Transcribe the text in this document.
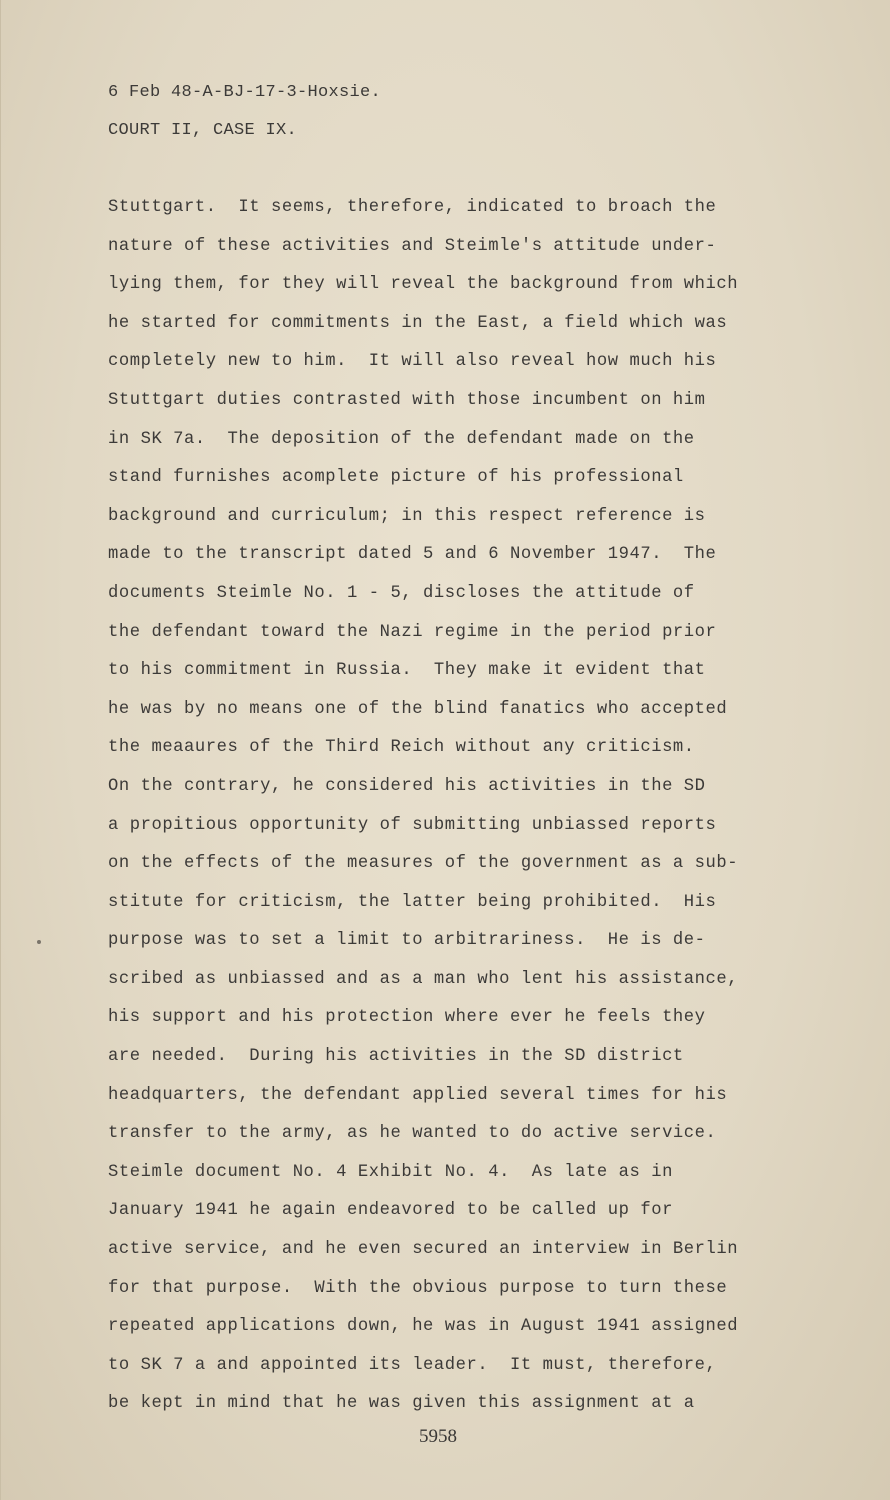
6 Feb 48-A-BJ-17-3-Hoxsie.
COURT II, CASE IX.
Stuttgart.  It seems, therefore, indicated to broach the
nature of these activities and Steimle's attitude under-
lying them, for they will reveal the background from which
he started for commitments in the East, a field which was
completely new to him.  It will also reveal how much his
Stuttgart duties contrasted with those incumbent on him
in SK 7a.  The deposition of the defendant made on the
stand furnishes acomplete picture of his professional
background and curriculum; in this respect reference is
made to the transcript dated 5 and 6 November 1947.  The
documents Steimle No. 1 - 5, discloses the attitude of
the defendant toward the Nazi regime in the period prior
to his commitment in Russia.  They make it evident that
he was by no means one of the blind fanatics who accepted
the meaaures of the Third Reich without any criticism.
On the contrary, he considered his activities in the SD
a propitious opportunity of submitting unbiassed reports
on the effects of the measures of the government as a sub-
stitute for criticism, the latter being prohibited.  His
purpose was to set a limit to arbitrariness.  He is de-
scribed as unbiassed and as a man who lent his assistance,
his support and his protection where ever he feels they
are needed.  During his activities in the SD district
headquarters, the defendant applied several times for his
transfer to the army, as he wanted to do active service.
Steimle document No. 4 Exhibit No. 4.  As late as in
January 1941 he again endeavored to be called up for
active service, and he even secured an interview in Berlin
for that purpose.  With the obvious purpose to turn these
repeated applications down, he was in August 1941 assigned
to SK 7 a and appointed its leader.  It must, therefore,
be kept in mind that he was given this assignment at a
5958
